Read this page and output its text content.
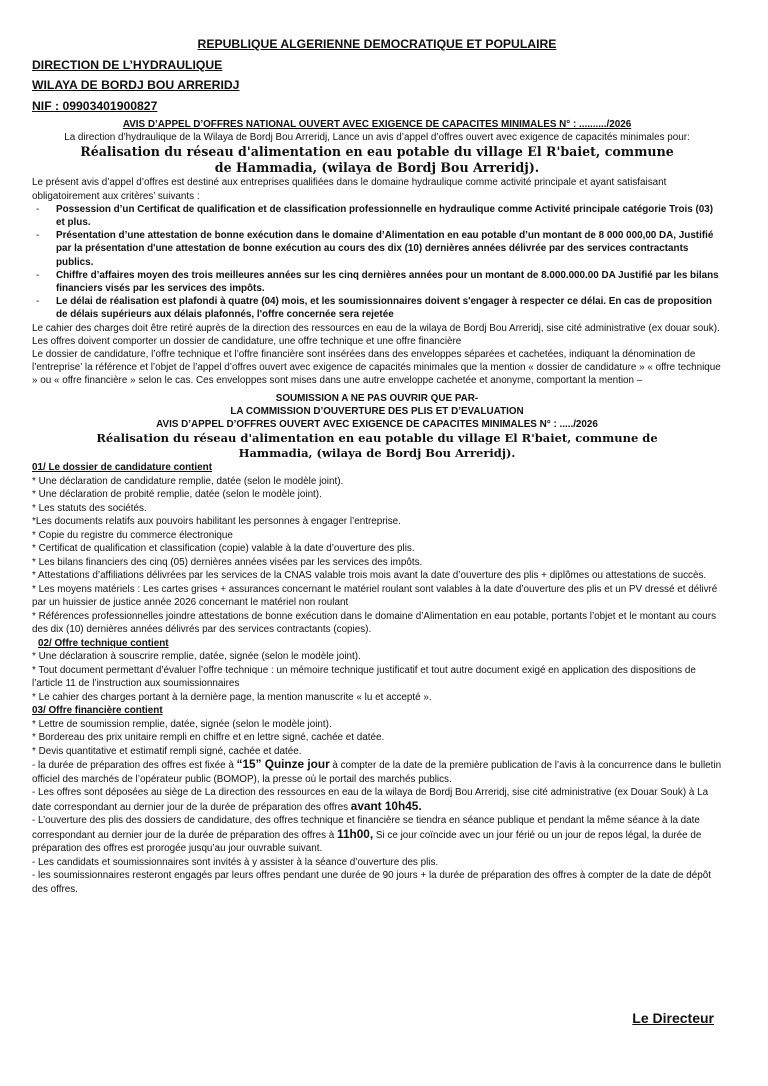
REPUBLIQUE ALGERIENNE DEMOCRATIQUE ET POPULAIRE

DIRECTION DE L’HYDRAULIQUE

WILAYA DE BORDJ BOU ARRERIDJ

NIF : 09903401900827

AVIS D’APPEL D’OFFRES NATIONAL OUVERT AVEC EXIGENCE DE CAPACITES MINIMALES N° : ........../2026

La direction d’hydraulique de la Wilaya de Bordj Bou Arreridj, Lance un avis d’appel d’offres ouvert avec exigence de capacités minimales pour:

Réalisation du réseau d'alimentation en eau potable du village El R'baiet, commune de Hammadia, (wilaya de Bordj Bou Arreridj).

Le présent avis d’appel d’offres est destiné aux entreprises qualifiées dans le domaine hydraulique comme activité principale et ayant satisfaisant obligatoirement aux critères’ suivants :

- Possession d’un Certificat de qualification et de classification professionnelle en hydraulique comme Activité principale catégorie Trois (03) et plus.
- Présentation d’une attestation de bonne exécution dans le domaine d’Alimentation en eau potable d’un montant de 8 000 000,00 DA, Justifié par la présentation d'une attestation de bonne exécution au cours des dix (10) dernières années délivrée par des services contractants publics.
- Chiffre d’affaires moyen des trois meilleures années sur les cinq dernières années pour un montant de 8.000.000.00 DA Justifié par les bilans financiers visés par les services des impôts.
- Le délai de réalisation est plafondi à quatre (04) mois, et les soumissionnaires doivent s'engager à respecter ce délai. En cas de proposition de délais supérieurs aux délais plafonnés, l'offre concernée sera rejetée

Le cahier des charges doit être retiré auprès de la direction des ressources en eau de la wilaya de Bordj Bou Arreridj, sise cité administrative (ex douar souk). Les offres doivent comporter un dossier de candidature, une offre technique et une offre financière

Le dossier de candidature, l’offre technique et l’offre financière sont insérées dans des enveloppes séparées et cachetées, indiquant la dénomination de l’entreprise’ la référence et l’objet de l’appel d’offres ouvert avec exigence de capacités minimales que la mention « dossier de candidature » « offre technique » ou « offre financière » selon le cas. Ces enveloppes sont mises dans une autre enveloppe cachetée et anonyme, comportant la mention –

SOUMISSION A NE PAS OUVRIR QUE PAR-

LA COMMISSION D’OUVERTURE DES PLIS ET D’EVALUATION

AVIS D’APPEL D’OFFRES OUVERT AVEC EXIGENCE DE CAPACITES MINIMALES N° : ...../2026

Réalisation du réseau d'alimentation en eau potable du village El R'baiet, commune de Hammadia, (wilaya de Bordj Bou Arreridj).

01/ Le dossier de candidature contient

* Une déclaration de candidature remplie, datée (selon le modèle joint).

* Une déclaration de probité remplie, datée (selon le modèle joint).

* Les statuts des sociétés.

*Les documents relatifs aux pouvoirs habilitant les personnes à engager l’entreprise.

* Copie du registre du commerce électronique

* Certificat de qualification et classification (copie) valable à la date d’ouverture des plis.

* Les bilans financiers des cinq (05) dernières années visées par les services des impôts.

* Attestations d’affiliations délivrées par les services de la CNAS valable trois mois avant la date d’ouverture des plis + diplômes ou attestations de succès.

* Les moyens matériels : Les cartes grises + assurances concernant le matériel roulant sont valables à la date d’ouverture des plis et un PV dressé et délivré par un huissier de justice année 2026 concernant le matériel non roulant

* Références professionnelles joindre attestations de bonne exécution dans le domaine d’Alimentation en eau potable, portants l’objet et le montant au cours des dix (10) dernières années délivrés par des services contractants (copies).

02/ Offre technique contient

* Une déclaration à souscrire remplie, datée, signée (selon le modèle joint).

* Tout document permettant d’évaluer l’offre technique : un mémoire technique justificatif et tout autre document exigé en application des dispositions de l’article 11 de l’instruction aux soumissionnaires

* Le cahier des charges portant à la dernière page, la mention manuscrite « lu et accepté ».

03/ Offre financière contient

* Lettre de soumission remplie, datée, signée (selon le modèle joint).

* Bordereau des prix unitaire rempli en chiffre et en lettre signé, cachée et datée.

* Devis quantitative et estimatif rempli signé, cachée et datée.

- la durée de préparation des offres est fixée à “15” Quinze jour à compter de la date de la première publication de l’avis à la concurrence dans le bulletin officiel des marchés de l’opérateur public (BOMOP), la presse où le portail des marchés publics.

- Les offres sont déposées au siège de La direction des ressources en eau de la wilaya de Bordj Bou Arreridj, sise cité administrative (ex Douar Souk) à La date correspondant au dernier jour de la durée de préparation des offres avant 10h45.

- L’ouverture des plis des dossiers de candidature, des offres technique et financière se tiendra en séance publique et pendant la même séance à la date correspondant au dernier jour de la durée de préparation des offres à 11h00, Si ce jour coïncide avec un jour férié ou un jour de repos légal, la durée de préparation des offres est prorogée jusqu’au jour ouvrable suivant.

- Les candidats et soumissionnaires sont invités à y assister à la séance d’ouverture des plis.

- les soumissionnaires resteront engagés par leurs offres pendant une durée de 90 jours + la durée de préparation des offres à compter de la date de dépôt des offres.

Le Directeur
